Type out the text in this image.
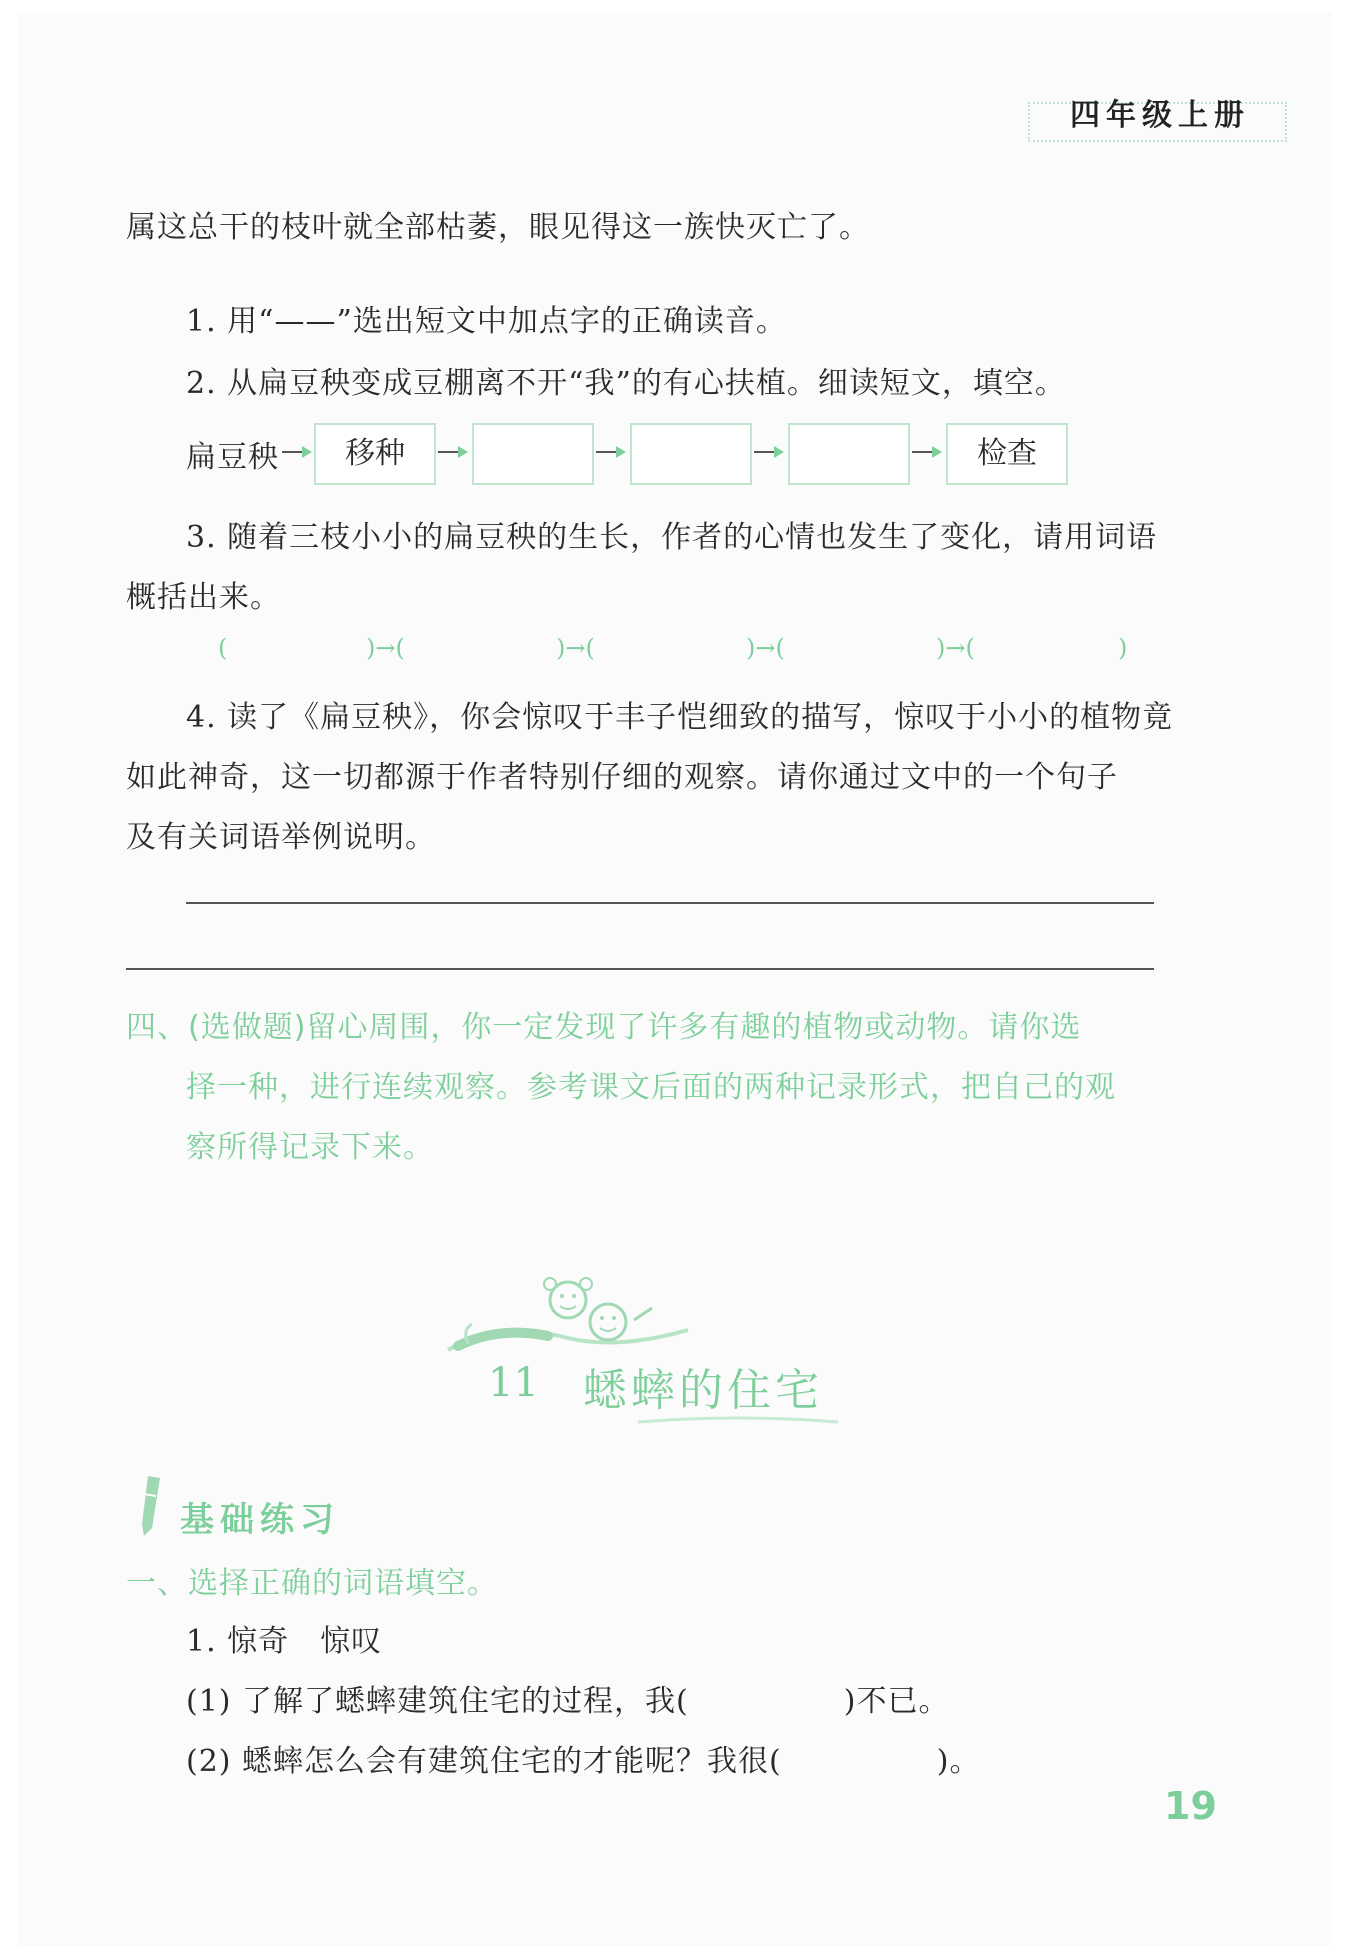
四年级上册
属这总干的枝叶就全部枯萎，眼见得这一族快灭亡了。
1. 用“——”选出短文中加点字的正确读音。
2. 从扁豆秧变成豆棚离不开“我”的有心扶植。细读短文，填空。
扁豆秧	移种	检查
3. 随着三枝小小的扁豆秧的生长，作者的心情也发生了变化，请用词语
概括出来。
(	)→(	)→(	)→(	)→(	)
4. 读了《扁豆秧》，你会惊叹于丰子恺细致的描写，惊叹于小小的植物竟
如此神奇，这一切都源于作者特别仔细的观察。请你通过文中的一个句子
及有关词语举例说明。
四、(选做题)留心周围，你一定发现了许多有趣的植物或动物。请你选
择一种，进行连续观察。参考课文后面的两种记录形式，把自己的观
察所得记录下来。
11 蟋蟀的住宅
基础练习
一、选择正确的词语填空。
1. 惊奇　惊叹
(1) 了解了蟋蟀建筑住宅的过程，我(　　　　　)不已。
(2) 蟋蟀怎么会有建筑住宅的才能呢？我很(　　　　　)。
19
